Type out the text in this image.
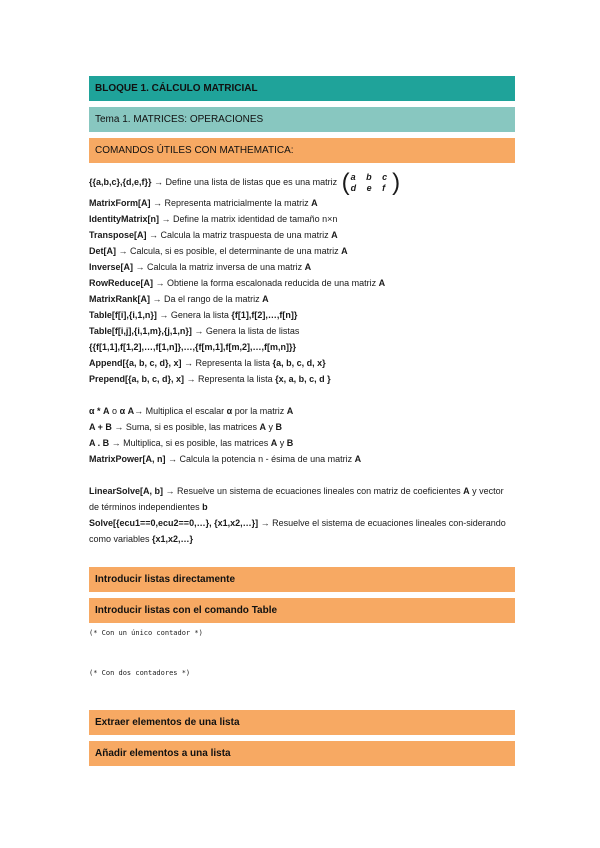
BLOQUE 1. CÁLCULO MATRICIAL
Tema 1. MATRICES: OPERACIONES
COMANDOS ÚTILES CON MATHEMATICA:
{{a,b,c},{d,e,f}} → Define una lista de listas que es una matriz ( a b c
d e f )
MatrixForm[A] → Representa matricialmente la matriz A
IdentityMatrix[n] → Define la matrix identidad de tamaño n×n
Transpose[A] → Calcula la matriz traspuesta de una matriz A
Det[A] → Calcula, si es posible, el determinante de una matriz A
Inverse[A] → Calcula la matriz inversa de una matriz A
RowReduce[A] → Obtiene la forma escalonada reducida de una matriz A
MatrixRank[A] → Da el rango de la matriz A
Table[f[i],{i,1,n}] → Genera la lista {f[1],f[2],…,f[n]}
Table[f[i,j],{i,1,m},{j,1,n}] → Genera la lista de listas
{{f[1,1],f[1,2],…,f[1,n]},…,{f[m,1],f[m,2],…,f[m,n]}}
Append[{a, b, c, d}, x] → Representa la lista {a, b, c, d, x}
Prepend[{a, b, c, d}, x] → Representa la lista {x, a, b, c, d }
α * A o α A→ Multiplica el escalar α por la matriz A
A + B → Suma, si es posible, las matrices A y B
A . B → Multiplica, si es posible, las matrices A y B
MatrixPower[A, n] → Calcula la potencia n - ésima de una matriz A
LinearSolve[A, b] → Resuelve un sistema de ecuaciones lineales con matriz de coeficientes A y vector de términos independientes b
Solve[{ecu1==0,ecu2==0,…}, {x1,x2,…}] → Resuelve el sistema de ecuaciones lineales con-siderando como variables {x1,x2,…}
Introducir listas directamente
Introducir listas con el comando Table
(* Con un único contador *)
(* Con dos contadores *)
Extraer elementos de una lista
Añadir elementos a una lista
